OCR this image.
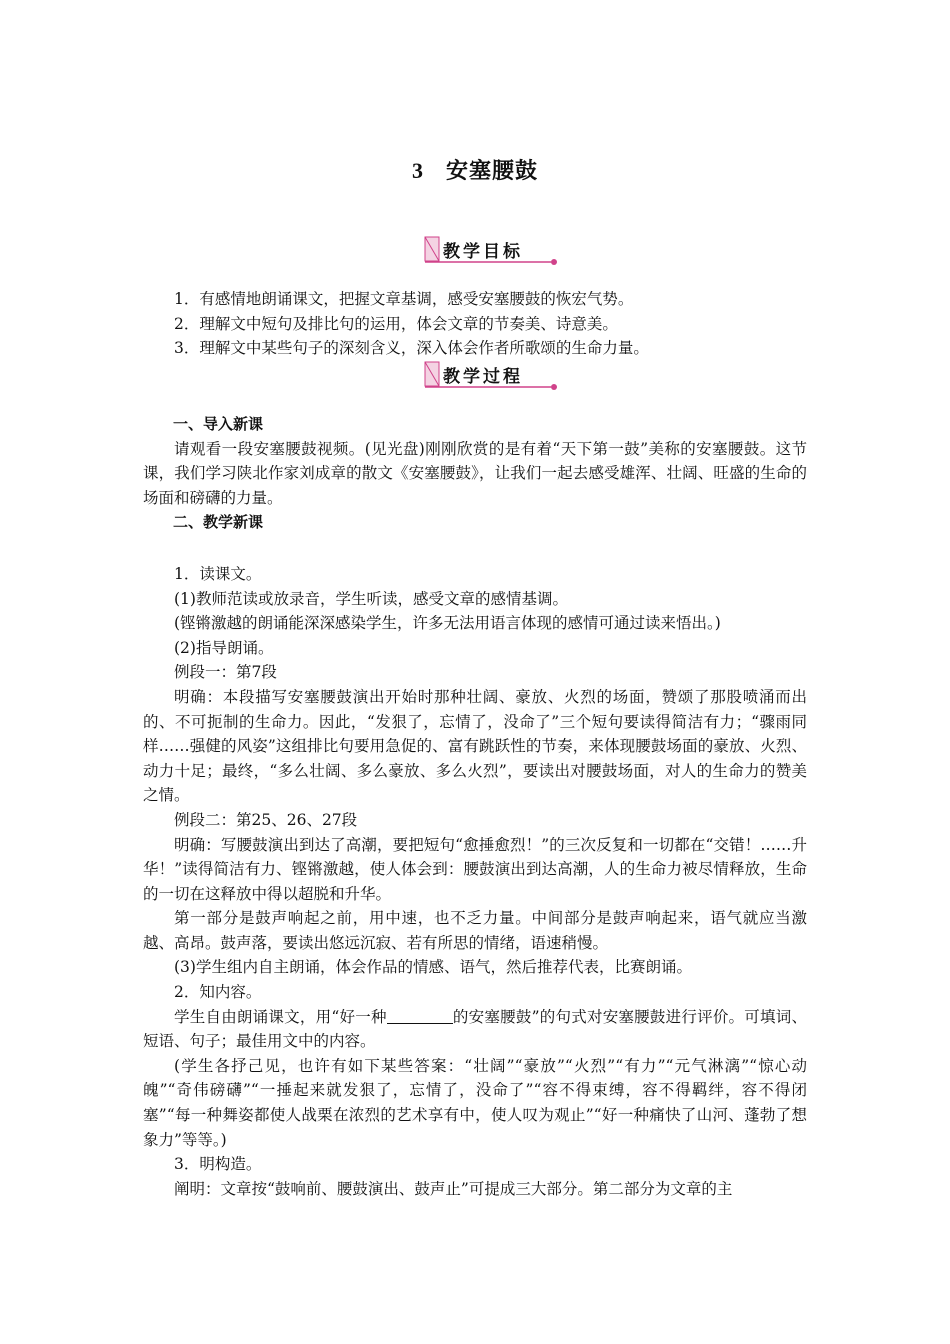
3 安塞腰鼓
教学目标

1．有感情地朗诵课文，把握文章基调，感受安塞腰鼓的恢宏气势。

2．理解文中短句及排比句的运用，体会文章的节奏美、诗意美。

3．理解文中某些句子的深刻含义，深入体会作者所歌颂的生命力量。

教学过程

一、导入新课

请观看一段安塞腰鼓视频。(见光盘)刚刚欣赏的是有着“天下第一鼓”美称的安塞腰鼓。这节课，我们学习陕北作家刘成章的散文《安塞腰鼓》，让我们一起去感受雄浑、壮阔、旺盛的生命的场面和磅礴的力量。

二、教学新课

1．读课文。

(1)教师范读或放录音，学生听读，感受文章的感情基调。

(铿锵激越的朗诵能深深感染学生，许多无法用语言体现的感情可通过读来悟出。)

(2)指导朗诵。

例段一：第7段

明确：本段描写安塞腰鼓演出开始时那种壮阔、豪放、火烈的场面，赞颂了那股喷涌而出的、不可扼制的生命力。因此，“发狠了，忘情了，没命了”三个短句要读得简洁有力；“骤雨同样……强健的风姿”这组排比句要用急促的、富有跳跃性的节奏，来体现腰鼓场面的豪放、火烈、动力十足；最终，“多么壮阔、多么豪放、多么火烈”，要读出对腰鼓场面，对人的生命力的赞美之情。

例段二：第25、26、27段

明确：写腰鼓演出到达了高潮，要把短句“愈捶愈烈！”的三次反复和一切都在“交错！……升华！”读得简洁有力、铿锵激越，使人体会到：腰鼓演出到达高潮，人的生命力被尽情释放，生命的一切在这释放中得以超脱和升华。

第一部分是鼓声响起之前，用中速，也不乏力量。中间部分是鼓声响起来，语气就应当激越、高昂。鼓声落，要读出悠远沉寂、若有所思的情绪，语速稍慢。

(3)学生组内自主朗诵，体会作品的情感、语气，然后推荐代表，比赛朗诵。

2．知内容。

学生自由朗诵课文，用“好一种	的安塞腰鼓”的句式对安塞腰鼓进行评价。可填词、短语、句子；最佳用文中的内容。

(学生各抒己见，也许有如下某些答案：“壮阔”“豪放”“火烈”“有力”“元气淋漓”“惊心动魄”“奇伟磅礴”“一捶起来就发狠了，忘情了，没命了”“容不得束缚，容不得羁绊，容不得闭塞”“每一种舞姿都使人战栗在浓烈的艺术享有中，使人叹为观止”“好一种痛快了山河、蓬勃了想象力”等等。)

3．明构造。

阐明：文章按“鼓响前、腰鼓演出、鼓声止”可提成三大部分。第二部分为文章的主
